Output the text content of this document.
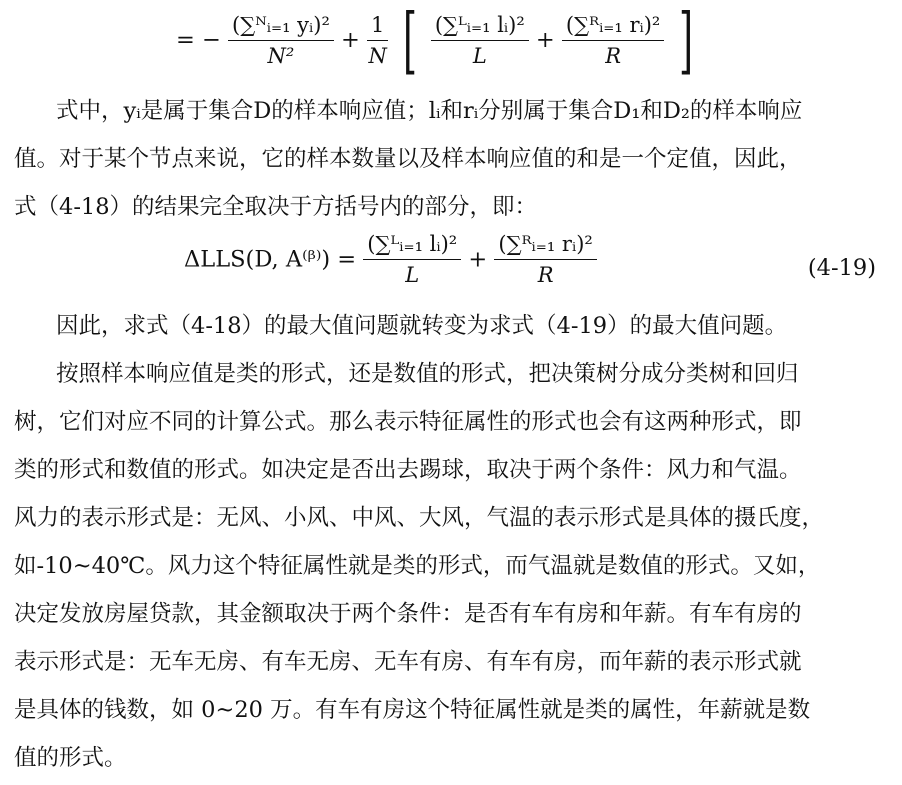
= − $\frac{\text{(∑ᴺᵢ₌₁ yᵢ)²}}{\text{N²}} + \frac{1}{N}$ [ $\frac{\text{(∑ᴸᵢ₌₁ lᵢ)²}}{L} + \frac{\text{(∑ᴿᵢ₌₁ rᵢ)²}}{R}$ ]
式中，yᵢ是属于集合D的样本响应值；lᵢ和rᵢ分别属于集合D₁和D₂的样本响应
值。对于某个节点来说，它的样本数量以及样本响应值的和是一个定值，因此，
式（4-18）的结果完全取决于方括号内的部分，即：
ΔLLS(D, A⁽ᵝ⁾) = $\frac{\text{(∑ᴸᵢ₌₁ lᵢ)²}}{L} + \frac{\text{(∑ᴿᵢ₌₁ rᵢ)²}}{R}$	(4-19)
因此，求式（4-18）的最大值问题就转变为求式（4-19）的最大值问题。
按照样本响应值是类的形式，还是数值的形式，把决策树分成分类树和回归
树，它们对应不同的计算公式。那么表示特征属性的形式也会有这两种形式，即
类的形式和数值的形式。如决定是否出去踢球，取决于两个条件：风力和气温。
风力的表示形式是：无风、小风、中风、大风，气温的表示形式是具体的摄氏度，
如-10~40℃。风力这个特征属性就是类的形式，而气温就是数值的形式。又如，
决定发放房屋贷款，其金额取决于两个条件：是否有车有房和年薪。有车有房的
表示形式是：无车无房、有车无房、无车有房、有车有房，而年薪的表示形式就
是具体的钱数，如 0~20 万。有车有房这个特征属性就是类的属性，年薪就是数
值的形式。
